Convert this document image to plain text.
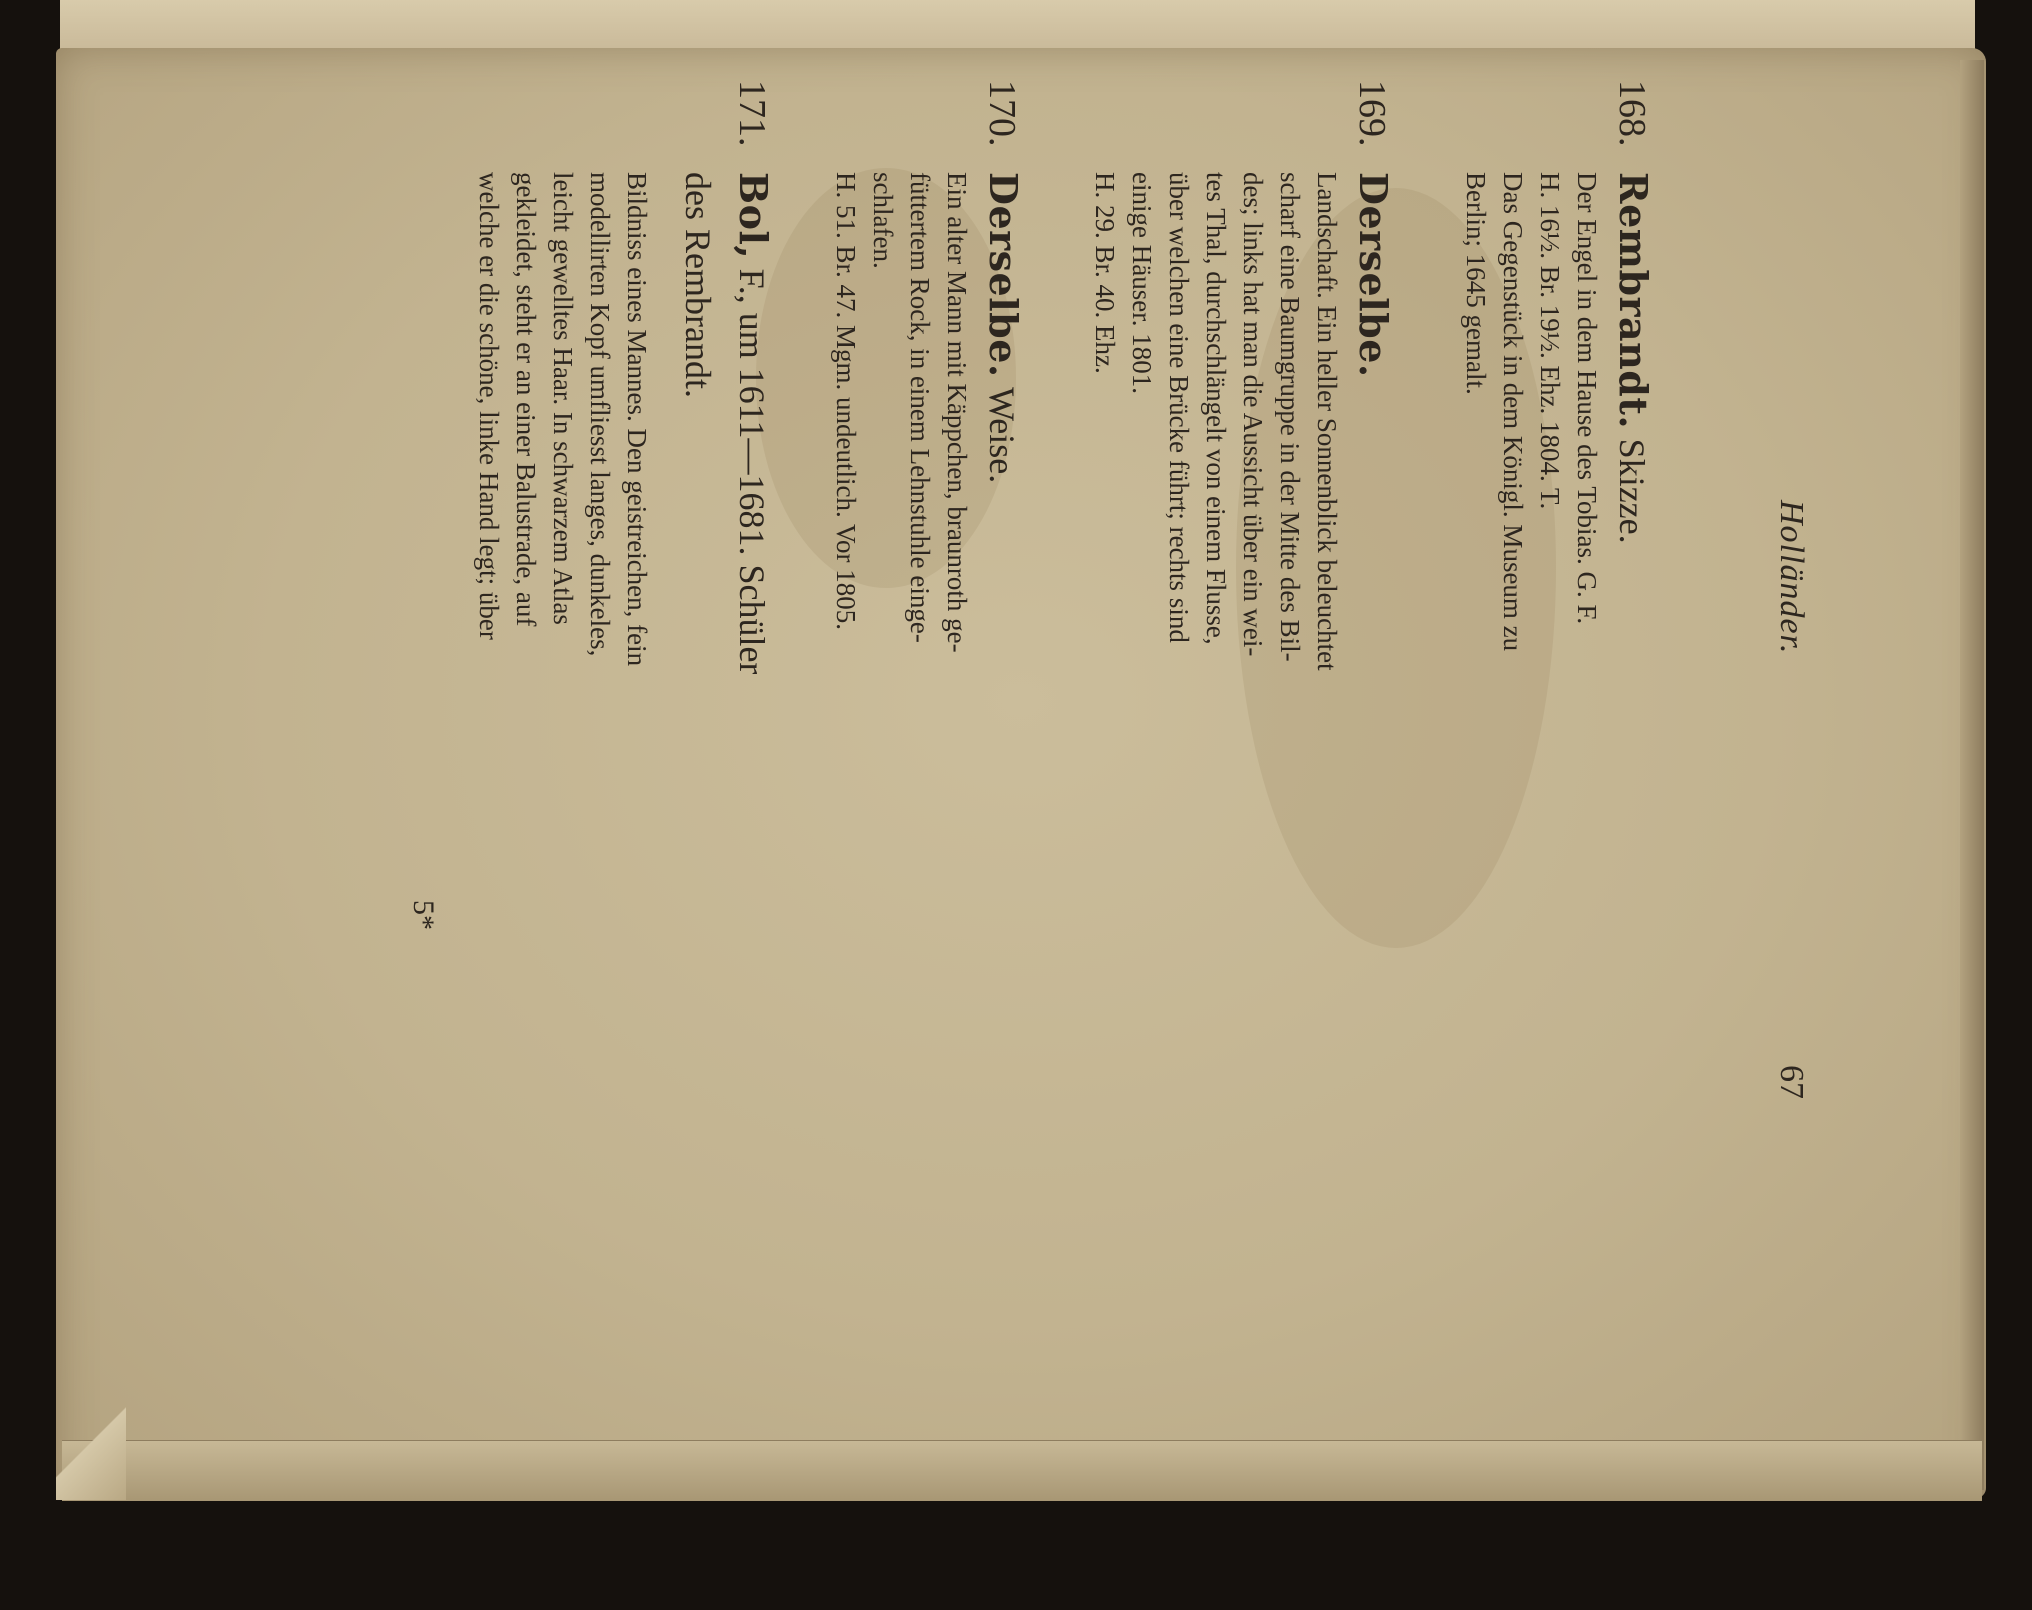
Holländer.
67
168.Rembrandt. Skizze.
Der Engel in dem Hause des Tobias. G. F.
H. 16½. Br. 19½. Ehz. 1804. T.
Das Gegenstück in dem Königl. Museum zu
Berlin; 1645 gemalt.
169.Derselbe.
Landschaft. Ein heller Sonnenblick beleuchtet
scharf eine Baumgruppe in der Mitte des Bil-
des; links hat man die Aussicht über ein wei-
tes Thal, durchschlängelt von einem Flusse,
über welchen eine Brücke führt; rechts sind
einige Häuser. 1801.
H. 29. Br. 40. Ehz.
170.Derselbe. Weise.
Ein alter Mann mit Käppchen, braunroth ge-
füttertem Rock, in einem Lehnstuhle einge-
schlafen.
H. 51. Br. 47. Mgm. undeutlich. Vor 1805.
171.Bol, F., um 1611—1681. Schüler
des Rembrandt.
Bildniss eines Mannes. Den geistreichen, fein
modellirten Kopf umfliesst langes, dunkeles,
leicht gewelltes Haar. In schwarzem Atlas
gekleidet, steht er an einer Balustrade, auf
welche er die schöne, linke Hand legt; über
5*
